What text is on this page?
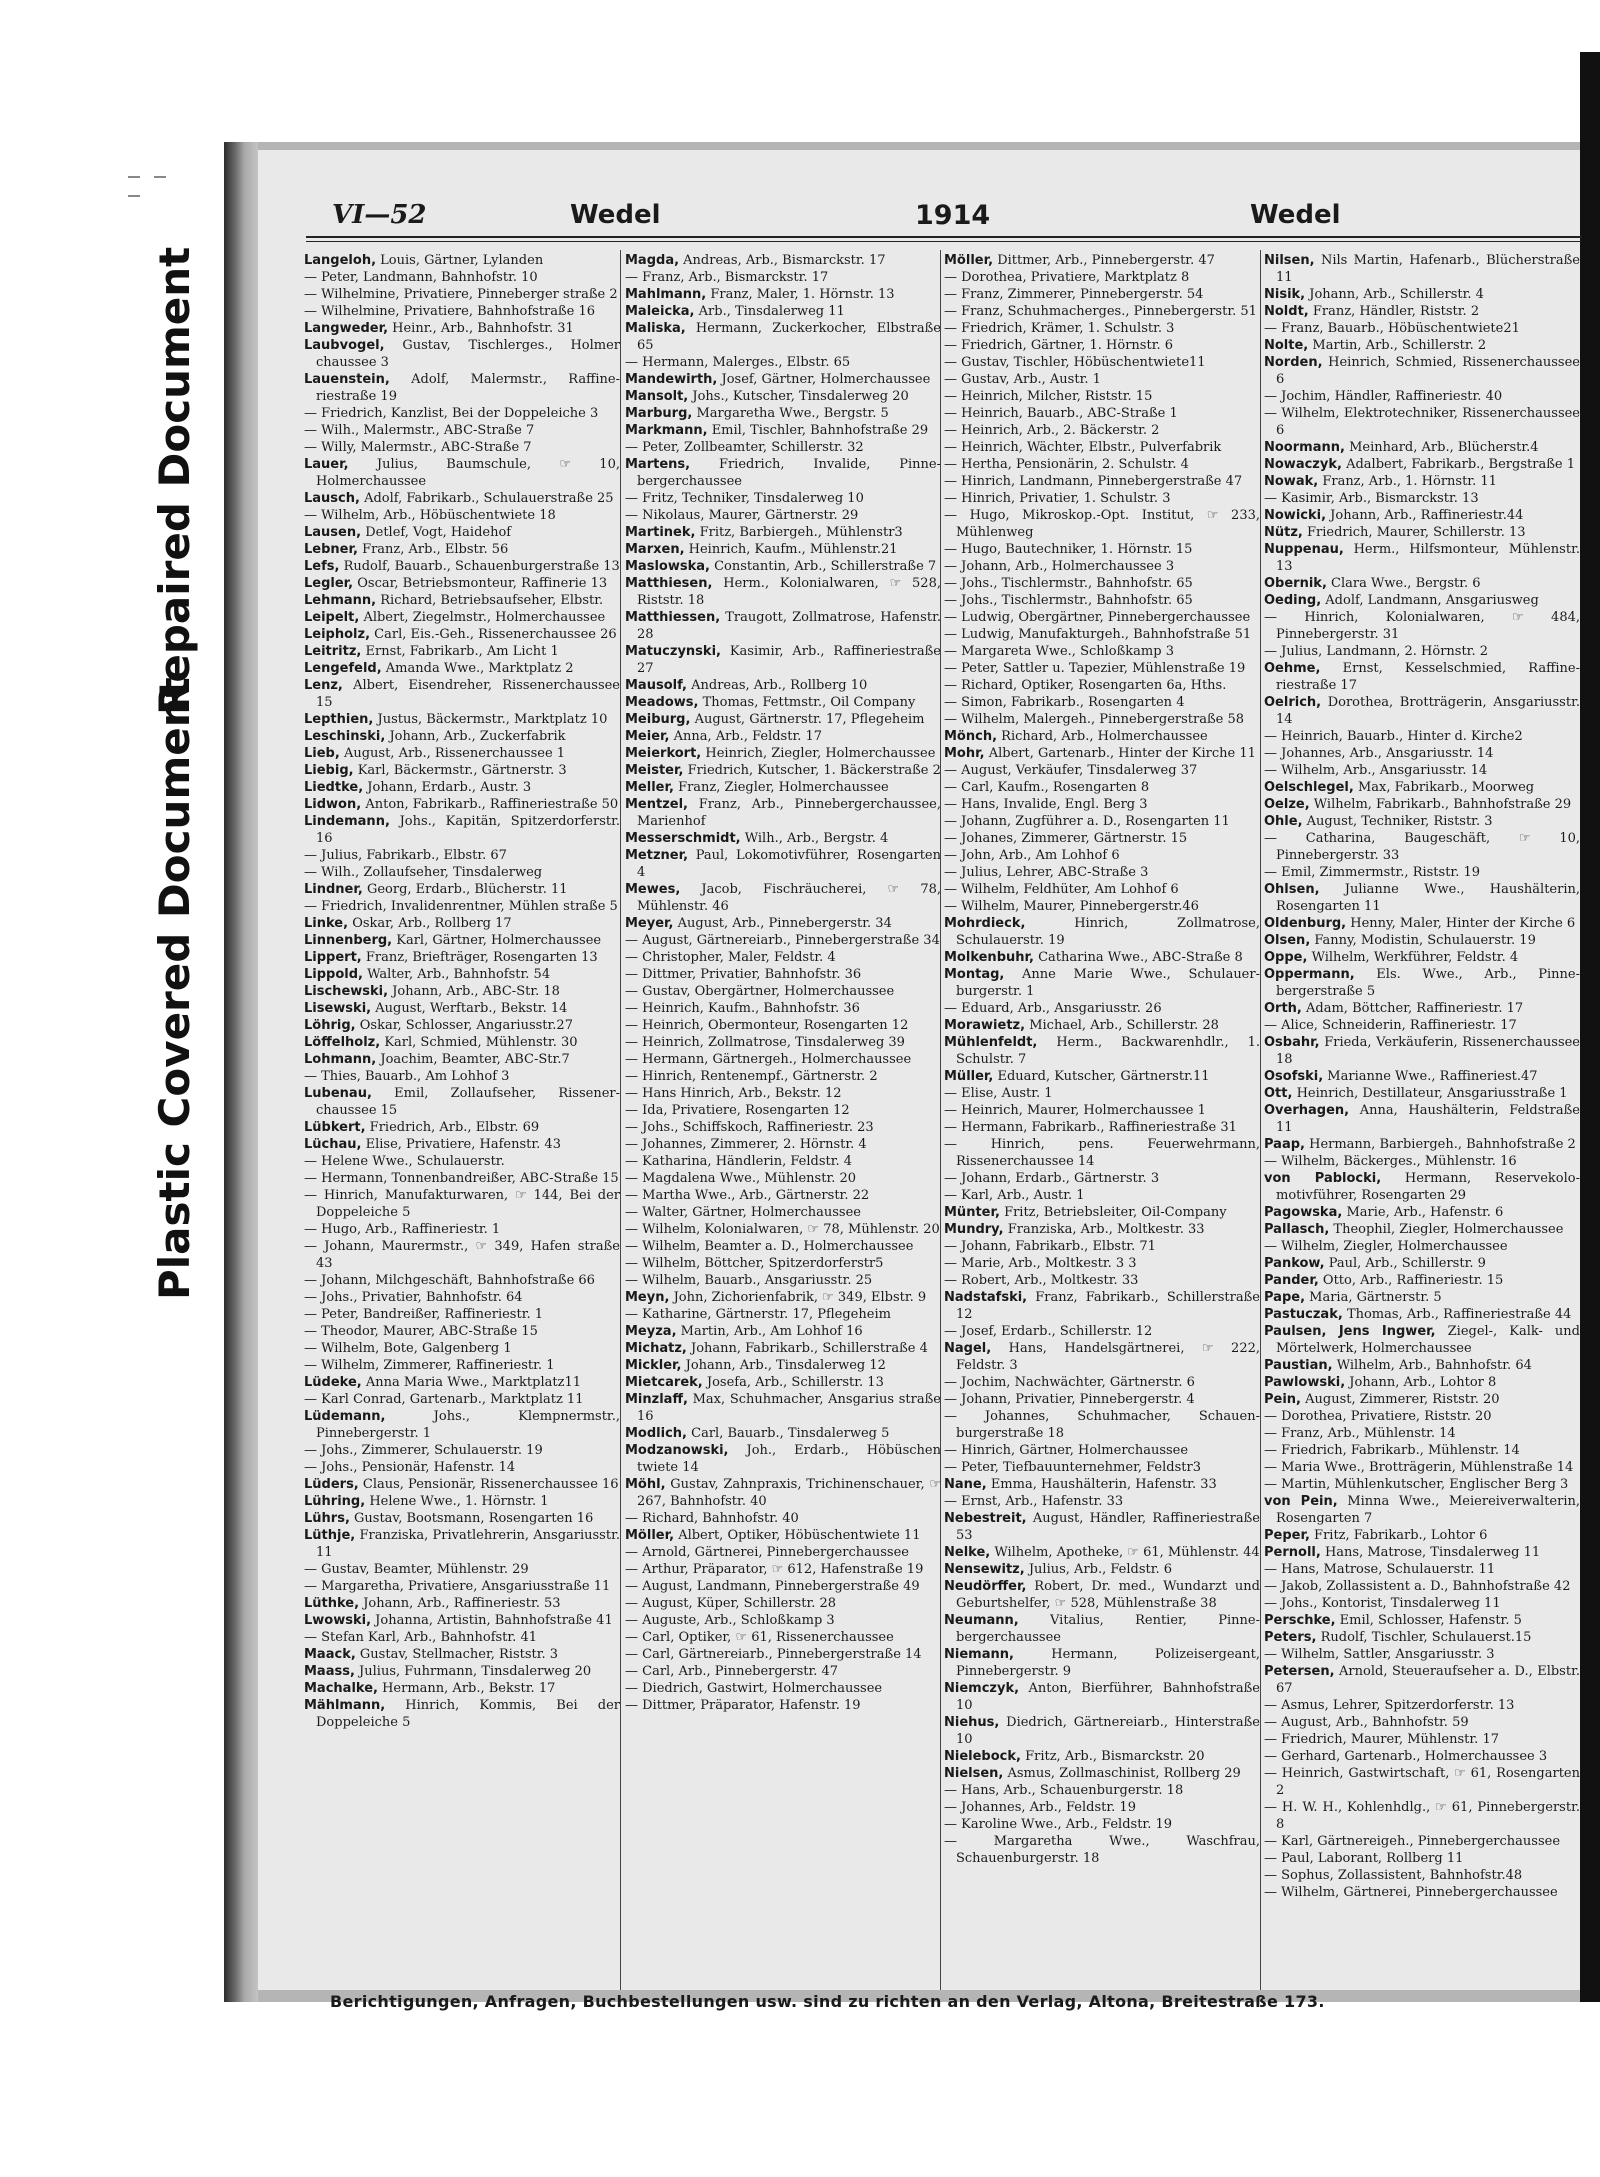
Repaired Document
Plastic Covered Document
VI—52	Wedel	1914	Wedel

Langeloh, Louis, Gärtner, Lylanden

— Peter, Landmann, Bahnhofstr. 10

— Wilhelmine, Privatiere, Pinneberger straße 2

— Wilhelmine, Privatiere, Bahnhofstraße 16

Langweder, Heinr., Arb., Bahnhofstr. 31

Laubvogel, Gustav, Tischlerges., Holmer chaussee 3

Lauenstein, Adolf, Malermstr., Raffineriestraße 19

— Friedrich, Kanzlist, Bei der Doppeleiche 3

— Wilh., Malermstr., ABC-Straße 7

— Willy, Malermstr., ABC-Straße 7

Lauer, Julius, Baumschule, ☞ 10, Holmerchaussee

Lausch, Adolf, Fabrikarb., Schulauerstraße 25

— Wilhelm, Arb., Höbüschentwiete 18

Lausen, Detlef, Vogt, Haidehof

Lebner, Franz, Arb., Elbstr. 56

Lefs, Rudolf, Bauarb., Schauenburgerstraße 13

Legler, Oscar, Betriebsmonteur, Raffinerie 13

Lehmann, Richard, Betriebsaufseher, Elbstr.

Leipelt, Albert, Ziegelmstr., Holmerchaussee

Leipholz, Carl, Eis.-Geh., Rissenerchaussee 26

Leitritz, Ernst, Fabrikarb., Am Licht 1

Lengefeld, Amanda Wwe., Marktplatz 2

Lenz, Albert, Eisendreher, Rissenerchaussee 15

Lepthien, Justus, Bäckermstr., Marktplatz 10

Leschinski, Johann, Arb., Zuckerfabrik

Lieb, August, Arb., Rissenerchaussee 1

Liebig, Karl, Bäckermstr., Gärtnerstr. 3

Liedtke, Johann, Erdarb., Austr. 3

Lidwon, Anton, Fabrikarb., Raffineriestraße 50

Lindemann, Johs., Kapitän, Spitzerdorferstr. 16

— Julius, Fabrikarb., Elbstr. 67

— Wilh., Zollaufseher, Tinsdalerweg

Lindner, Georg, Erdarb., Blücherstr. 11

— Friedrich, Invalidenrentner, Mühlen straße 5

Linke, Oskar, Arb., Rollberg 17

Linnenberg, Karl, Gärtner, Holmerchaussee

Lippert, Franz, Briefträger, Rosengarten 13

Lippold, Walter, Arb., Bahnhofstr. 54

Lischewski, Johann, Arb., ABC-Str. 18

Lisewski, August, Werftarb., Bekstr. 14

Löhrig, Oskar, Schlosser, Angariusstr.27

Löffelholz, Karl, Schmied, Mühlenstr. 30

Lohmann, Joachim, Beamter, ABC-Str.7

— Thies, Bauarb., Am Lohhof 3

Lubenau, Emil, Zollaufseher, Rissenerchaussee 15

Lübkert, Friedrich, Arb., Elbstr. 69

Lüchau, Elise, Privatiere, Hafenstr. 43

— Helene Wwe., Schulauerstr.

— Hermann, Tonnenbandreißer, ABC-Straße 15

— Hinrich, Manufakturwaren, ☞ 144, Bei der Doppeleiche 5

— Hugo, Arb., Raffineriestr. 1

— Johann, Maurermstr., ☞ 349, Hafen straße 43

— Johann, Milchgeschäft, Bahnhofstraße 66

— Johs., Privatier, Bahnhofstr. 64

— Peter, Bandreißer, Raffineriestr. 1

— Theodor, Maurer, ABC-Straße 15

— Wilhelm, Bote, Galgenberg 1

— Wilhelm, Zimmerer, Raffineriestr. 1

Lüdeke, Anna Maria Wwe., Marktplatz11

— Karl Conrad, Gartenarb., Marktplatz 11

Lüdemann,	Johs., Klempnermstr., Pinnebergerstr. 1

— Johs., Zimmerer, Schulauerstr. 19

— Johs., Pensionär, Hafenstr. 14

Lüders, Claus, Pensionär, Rissenerchaussee 16

Lühring, Helene Wwe., 1. Hörnstr. 1

Lührs, Gustav, Bootsmann, Rosengarten 16

Lüthje, Franziska, Privatlehrerin, Ansgariusstr. 11

— Gustav, Beamter, Mühlenstr. 29

— Margaretha, Privatiere, Ansgariusstraße 11

Lüthke, Johann, Arb., Raffineriestr. 53

Lwowski, Johanna, Artistin, Bahnhofstraße 41

— Stefan Karl, Arb., Bahnhofstr. 41

Maack, Gustav, Stellmacher, Riststr. 3

Maass, Julius, Fuhrmann, Tinsdalerweg 20

Machalke, Hermann, Arb., Bekstr. 17

Mählmann, Hinrich, Kommis, Bei der Doppeleiche 5

Magda, Andreas, Arb., Bismarckstr. 17

— Franz, Arb., Bismarckstr. 17

Mahlmann, Franz, Maler, 1. Hörnstr. 13

Maleicka, Arb., Tinsdalerweg 11

Maliska, Hermann, Zuckerkocher, Elbstraße 65

— Hermann, Malerges., Elbstr. 65

Mandewirth, Josef, Gärtner, Holmerchaussee

Mansolt, Johs., Kutscher, Tinsdalerweg 20

Marburg, Margaretha Wwe., Bergstr. 5

Markmann, Emil, Tischler, Bahnhofstraße 29

— Peter, Zollbeamter, Schillerstr. 32

Martens, Friedrich, Invalide, Pinnebergerchaussee

— Fritz, Techniker, Tinsdalerweg 10

— Nikolaus, Maurer, Gärtnerstr. 29

Martinek, Fritz, Barbiergeh., Mühlenstr3

Marxen, Heinrich, Kaufm., Mühlenstr.21

Maslowska, Constantin, Arb., Schillerstraße 7

Matthiesen, Herm., Kolonialwaren, ☞ 528, Riststr. 18

Matthiessen, Traugott, Zollmatrose, Hafenstr. 28

Matuczynski, Kasimir, Arb., Raffineriestraße 27

Mausolf, Andreas, Arb., Rollberg 10

Meadows, Thomas, Fettmstr., Oil Company

Meiburg, August, Gärtnerstr. 17, Pflegeheim

Meier, Anna, Arb., Feldstr. 17

Meierkort, Heinrich, Ziegler, Holmerchaussee

Meister, Friedrich, Kutscher, 1. Bäckerstraße 2

Meller, Franz, Ziegler, Holmerchaussee

Mentzel, Franz, Arb., Pinnebergerchaussee, Marienhof

Messerschmidt, Wilh., Arb., Bergstr. 4

Metzner, Paul, Lokomotivführer, Rosengarten 4

Mewes, Jacob, Fischräucherei, ☞ 78, Mühlenstr. 46

Meyer, August, Arb., Pinnebergerstr. 34

— August, Gärtnereiarb., Pinnebergerstraße 34

— Christopher, Maler, Feldstr. 4

— Dittmer, Privatier, Bahnhofstr. 36

— Gustav, Obergärtner, Holmerchaussee

— Heinrich, Kaufm., Bahnhofstr. 36

— Heinrich, Obermonteur, Rosengarten 12

— Heinrich, Zollmatrose, Tinsdalerweg 39

— Hermann, Gärtnergeh., Holmerchaussee

— Hinrich, Rentenempf., Gärtnerstr. 2

— Hans Hinrich, Arb., Bekstr. 12

— Ida, Privatiere, Rosengarten 12

— Johs., Schiffskoch, Raffineriestr. 23

— Johannes, Zimmerer, 2. Hörnstr. 4

— Katharina, Händlerin, Feldstr. 4

— Magdalena Wwe., Mühlenstr. 20

— Martha Wwe., Arb., Gärtnerstr. 22

— Walter, Gärtner, Holmerchaussee

— Wilhelm, Kolonialwaren, ☞ 78, Mühlenstr. 20

— Wilhelm, Beamter a. D., Holmerchaussee

— Wilhelm, Böttcher, Spitzerdorferstr5

— Wilhelm, Bauarb., Ansgariusstr. 25

Meyn, John, Zichorienfabrik, ☞ 349, Elbstr. 9

— Katharine, Gärtnerstr. 17, Pflegeheim

Meyza, Martin, Arb., Am Lohhof 16

Michatz, Johann, Fabrikarb., Schillerstraße 4

Mickler, Johann, Arb., Tinsdalerweg 12

Mietcarek, Josefa, Arb., Schillerstr. 13

Minzlaff, Max, Schuhmacher, Ansgarius straße 16

Modlich, Carl, Bauarb., Tinsdalerweg 5

Modzanowski, Joh., Erdarb., Höbüschen twiete 14

Möhl, Gustav, Zahnpraxis, Trichinenschauer, ☞ 267, Bahnhofstr. 40

— Richard, Bahnhofstr. 40

Möller, Albert, Optiker, Höbüschentwiete 11

— Arnold, Gärtnerei, Pinnebergerchaussee

— Arthur, Präparator, ☞ 612, Hafenstraße 19

— August, Landmann, Pinnebergerstraße 49

— August, Küper, Schillerstr. 28

— Auguste, Arb., Schloßkamp 3

— Carl, Optiker, ☞ 61, Rissenerchaussee

— Carl, Gärtnereiarb., Pinnebergerstraße 14

— Carl, Arb., Pinnebergerstr. 47

— Diedrich, Gastwirt, Holmerchaussee

— Dittmer, Präparator, Hafenstr. 19

Möller, Dittmer, Arb., Pinnebergerstr. 47

— Dorothea, Privatiere, Marktplatz 8

— Franz, Zimmerer, Pinnebergerstr. 54

— Franz, Schuhmacherges., Pinnebergerstr. 51

— Friedrich, Krämer, 1. Schulstr. 3

— Friedrich, Gärtner, 1. Hörnstr. 6

— Gustav, Tischler, Höbüschentwiete11

— Gustav, Arb., Austr. 1

— Heinrich, Milcher, Riststr. 15

— Heinrich, Bauarb., ABC-Straße 1

— Heinrich, Arb., 2. Bäckerstr. 2

— Heinrich, Wächter, Elbstr., Pulverfabrik

— Hertha, Pensionärin, 2. Schulstr. 4

— Hinrich, Landmann, Pinnebergerstraße 47

— Hinrich, Privatier, 1. Schulstr. 3

— Hugo, Mikroskop.-Opt. Institut, ☞ 233, Mühlenweg

— Hugo, Bautechniker, 1. Hörnstr. 15

— Johann, Arb., Holmerchaussee 3

— Johs., Tischlermstr., Bahnhofstr. 65

— Johs., Tischlermstr., Bahnhofstr. 65

— Ludwig, Obergärtner, Pinnebergerchaussee

— Ludwig, Manufakturgeh., Bahnhofstraße 51

— Margareta Wwe., Schloßkamp 3

— Peter, Sattler u. Tapezier, Mühlenstraße 19

— Richard, Optiker, Rosengarten 6a, Hths.

— Simon, Fabrikarb., Rosengarten 4

— Wilhelm, Malergeh., Pinnebergerstraße 58

Mönch, Richard, Arb., Holmerchaussee

Mohr, Albert, Gartenarb., Hinter der Kirche 11

— August, Verkäufer, Tinsdalerweg 37

— Carl, Kaufm., Rosengarten 8

— Hans, Invalide, Engl. Berg 3

— Johann, Zugführer a. D., Rosengarten 11

— Johanes, Zimmerer, Gärtnerstr. 15

— John, Arb., Am Lohhof 6

— Julius, Lehrer, ABC-Straße 3

— Wilhelm, Feldhüter, Am Lohhof 6

— Wilhelm, Maurer, Pinnebergerstr.46

Mohrdieck,	Hinrich, Zollmatrose, Schulauerstr. 19

Molkenbuhr, Catharina Wwe., ABC-Straße 8

Montag, Anne Marie Wwe., Schulauerburgerstr. 1

— Eduard, Arb., Ansgariusstr. 26

Morawietz, Michael, Arb., Schillerstr. 28

Mühlenfeldt, Herm., Backwarenhdlr., 1. Schulstr. 7

Müller, Eduard, Kutscher, Gärtnerstr.11

— Elise, Austr. 1

— Heinrich, Maurer, Holmerchaussee 1

— Hermann, Fabrikarb., Raffineriestraße 31

— Hinrich, pens. Feuerwehrmann, Rissenerchaussee 14

— Johann, Erdarb., Gärtnerstr. 3

— Karl, Arb., Austr. 1

Münter, Fritz, Betriebsleiter, Oil-Company

Mundry, Franziska, Arb., Moltkestr. 33

— Johann, Fabrikarb., Elbstr. 71

— Marie, Arb., Moltkestr. 3 3

— Robert, Arb., Moltkestr. 33

Nadstafski, Franz, Fabrikarb., Schillerstraße 12

— Josef, Erdarb., Schillerstr. 12

Nagel, Hans, Handelsgärtnerei, ☞ 222, Feldstr. 3

— Jochim, Nachwächter, Gärtnerstr. 6

— Johann, Privatier, Pinnebergerstr. 4

— Johannes, Schuhmacher, Schauenburgerstraße 18

— Hinrich, Gärtner, Holmerchaussee

— Peter, Tiefbauunternehmer, Feldstr3

Nane, Emma, Haushälterin, Hafenstr. 33

— Ernst, Arb., Hafenstr. 33

Nebestreit, August, Händler, Raffineriestraße 53

Nelke, Wilhelm, Apotheke, ☞ 61, Mühlenstr. 44

Nensewitz, Julius, Arb., Feldstr. 6

Neudörffer, Robert, Dr. med., Wundarzt und Geburtshelfer, ☞ 528, Mühlenstraße 38

Neumann, Vitalius, Rentier, Pinnebergerchaussee

Niemann,	Hermann, Polizeisergeant, Pinnebergerstr. 9

Niemczyk, Anton, Bierführer, Bahnhofstraße 10

Niehus, Diedrich, Gärtnereiarb., Hinterstraße 10

Nielebock, Fritz, Arb., Bismarckstr. 20

Nielsen, Asmus, Zollmaschinist, Rollberg 29

— Hans, Arb., Schauenburgerstr. 18

— Johannes, Arb., Feldstr. 19

— Karoline Wwe., Arb., Feldstr. 19

— Margaretha Wwe., Waschfrau, Schauenburgerstr. 18

Nilsen, Nils Martin, Hafenarb., Blücherstraße 11

Nisik, Johann, Arb., Schillerstr. 4

Noldt, Franz, Händler, Riststr. 2

— Franz, Bauarb., Höbüschentwiete21

Nolte, Martin, Arb., Schillerstr. 2

Norden, Heinrich, Schmied, Rissenerchaussee 6

— Jochim, Händler, Raffineriestr. 40

— Wilhelm, Elektrotechniker, Rissenerchaussee 6

Noormann, Meinhard, Arb., Blücherstr.4

Nowaczyk, Adalbert, Fabrikarb., Bergstraße 1

Nowak, Franz, Arb., 1. Hörnstr. 11

— Kasimir, Arb., Bismarckstr. 13

Nowicki, Johann, Arb., Raffineriestr.44

Nütz, Friedrich, Maurer, Schillerstr. 13

Nuppenau, Herm., Hilfsmonteur, Mühlenstr. 13

Obernik, Clara Wwe., Bergstr. 6

Oeding, Adolf, Landmann, Ansgariusweg

— Hinrich, Kolonialwaren, ☞ 484, Pinnebergerstr. 31

— Julius, Landmann, 2. Hörnstr. 2

Oehme, Ernst, Kesselschmied, Raffineriestraße 17

Oelrich, Dorothea, Brotträgerin, Ansgariusstr. 14

— Heinrich, Bauarb., Hinter d. Kirche2

— Johannes, Arb., Ansgariusstr. 14

— Wilhelm, Arb., Ansgariusstr. 14

Oelschlegel, Max, Fabrikarb., Moorweg

Oelze, Wilhelm, Fabrikarb., Bahnhofstraße 29

Ohle, August, Techniker, Riststr. 3

— Catharina, Baugeschäft, ☞ 10, Pinnebergerstr. 33

— Emil, Zimmermstr., Riststr. 19

Ohlsen, Julianne Wwe., Haushälterin, Rosengarten 11

Oldenburg, Henny, Maler, Hinter der Kirche 6

Olsen, Fanny, Modistin, Schulauerstr. 19

Oppe, Wilhelm, Werkführer, Feldstr. 4

Oppermann, Els. Wwe., Arb., Pinnebergerstraße 5

Orth, Adam, Böttcher, Raffineriestr. 17

— Alice, Schneiderin, Raffineriestr. 17

Osbahr, Frieda, Verkäuferin, Rissenerchaussee 18

Osofski, Marianne Wwe., Raffineriest.47

Ott, Heinrich, Destillateur, Ansgariusstraße 1

Overhagen, Anna, Haushälterin, Feldstraße 11

Paap, Hermann, Barbiergeh., Bahnhofstraße 2

— Wilhelm, Bäckerges., Mühlenstr. 16

von Pablocki, Hermann, Reservekolomotivführer, Rosengarten 29

Pagowska, Marie, Arb., Hafenstr. 6

Pallasch, Theophil, Ziegler, Holmerchaussee

— Wilhelm, Ziegler, Holmerchaussee

Pankow, Paul, Arb., Schillerstr. 9

Pander, Otto, Arb., Raffineriestr. 15

Pape, Maria, Gärtnerstr. 5

Pastuczak, Thomas, Arb., Raffineriestraße 44

Paulsen, Jens Ingwer, Ziegel-, Kalk- und Mörtelwerk, Holmerchaussee

Paustian, Wilhelm, Arb., Bahnhofstr. 64

Pawlowski, Johann, Arb., Lohtor 8

Pein, August, Zimmerer, Riststr. 20

— Dorothea, Privatiere, Riststr. 20

— Franz, Arb., Mühlenstr. 14

— Friedrich, Fabrikarb., Mühlenstr. 14

— Maria Wwe., Brotträgerin, Mühlenstraße 14

— Martin, Mühlenkutscher, Englischer Berg 3

von Pein, Minna Wwe., Meiereiverwalterin, Rosengarten 7

Peper, Fritz, Fabrikarb., Lohtor 6

Pernoll, Hans, Matrose, Tinsdalerweg 11

— Hans, Matrose, Schulauerstr. 11

— Jakob, Zollassistent a. D., Bahnhofstraße 42

— Johs., Kontorist, Tinsdalerweg 11

Perschke, Emil, Schlosser, Hafenstr. 5

Peters, Rudolf, Tischler, Schulauerst.15

— Wilhelm, Sattler, Ansgariusstr. 3

Petersen, Arnold, Steueraufseher a. D., Elbstr. 67

— Asmus, Lehrer, Spitzerdorferstr. 13

— August, Arb., Bahnhofstr. 59

— Friedrich, Maurer, Mühlenstr. 17

— Gerhard, Gartenarb., Holmerchaussee 3

— Heinrich, Gastwirtschaft, ☞ 61, Rosengarten 2

— H. W. H., Kohlenhdlg., ☞ 61, Pinnebergerstr. 8

— Karl, Gärtnereigeh., Pinnebergerchaussee

— Paul, Laborant, Rollberg 11

— Sophus, Zollassistent, Bahnhofstr.48

— Wilhelm, Gärtnerei, Pinnebergerchaussee

Berichtigungen, Anfragen, Buchbestellungen usw. sind zu richten an den Verlag, Altona, Breitestraße 173.
